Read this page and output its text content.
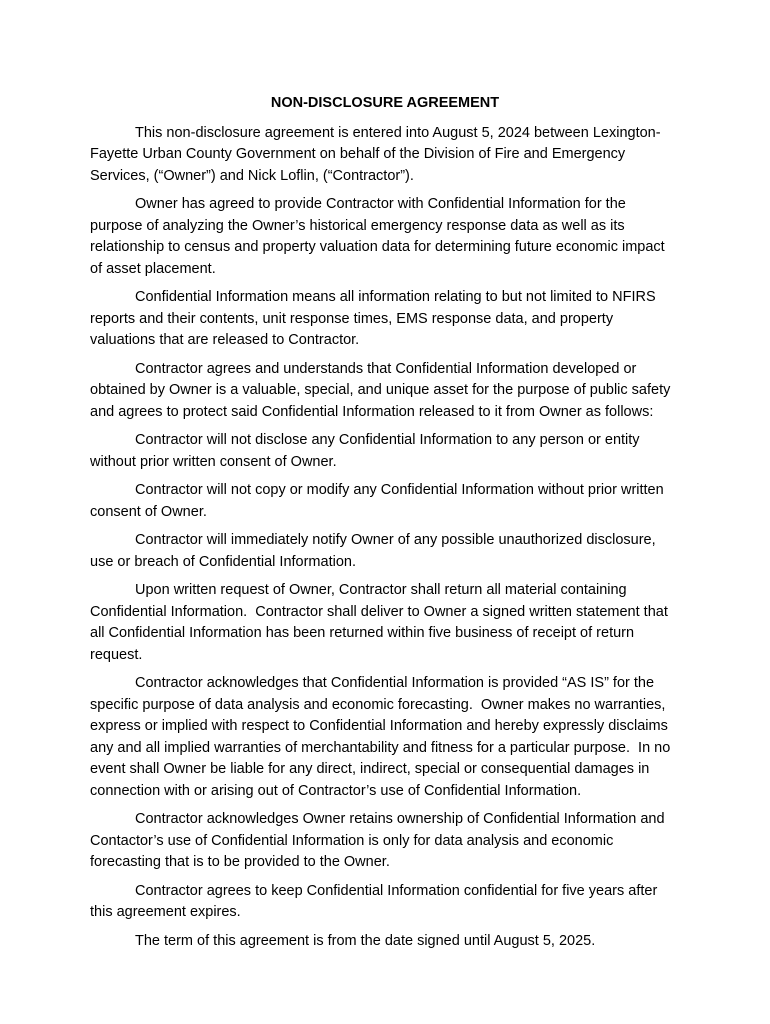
NON-DISCLOSURE AGREEMENT

This non-disclosure agreement is entered into August 5, 2024 between Lexington-Fayette Urban County Government on behalf of the Division of Fire and Emergency Services, (“Owner”) and Nick Loflin, (“Contractor”).

Owner has agreed to provide Contractor with Confidential Information for the purpose of analyzing the Owner’s historical emergency response data as well as its relationship to census and property valuation data for determining future economic impact of asset placement.

Confidential Information means all information relating to but not limited to NFIRS reports and their contents, unit response times, EMS response data, and property valuations that are released to Contractor.

Contractor agrees and understands that Confidential Information developed or obtained by Owner is a valuable, special, and unique asset for the purpose of public safety and agrees to protect said Confidential Information released to it from Owner as follows:

Contractor will not disclose any Confidential Information to any person or entity without prior written consent of Owner.

Contractor will not copy or modify any Confidential Information without prior written consent of Owner.

Contractor will immediately notify Owner of any possible unauthorized disclosure, use or breach of Confidential Information.

Upon written request of Owner, Contractor shall return all material containing Confidential Information.  Contractor shall deliver to Owner a signed written statement that all Confidential Information has been returned within five business of receipt of return request.

Contractor acknowledges that Confidential Information is provided “AS IS” for the specific purpose of data analysis and economic forecasting.  Owner makes no warranties, express or implied with respect to Confidential Information and hereby expressly disclaims any and all implied warranties of merchantability and fitness for a particular purpose.  In no event shall Owner be liable for any direct, indirect, special or consequential damages in connection with or arising out of Contractor’s use of Confidential Information.

Contractor acknowledges Owner retains ownership of Confidential Information and Contactor’s use of Confidential Information is only for data analysis and economic forecasting that is to be provided to the Owner.

Contractor agrees to keep Confidential Information confidential for five years after this agreement expires.

The term of this agreement is from the date signed until August 5, 2025.
